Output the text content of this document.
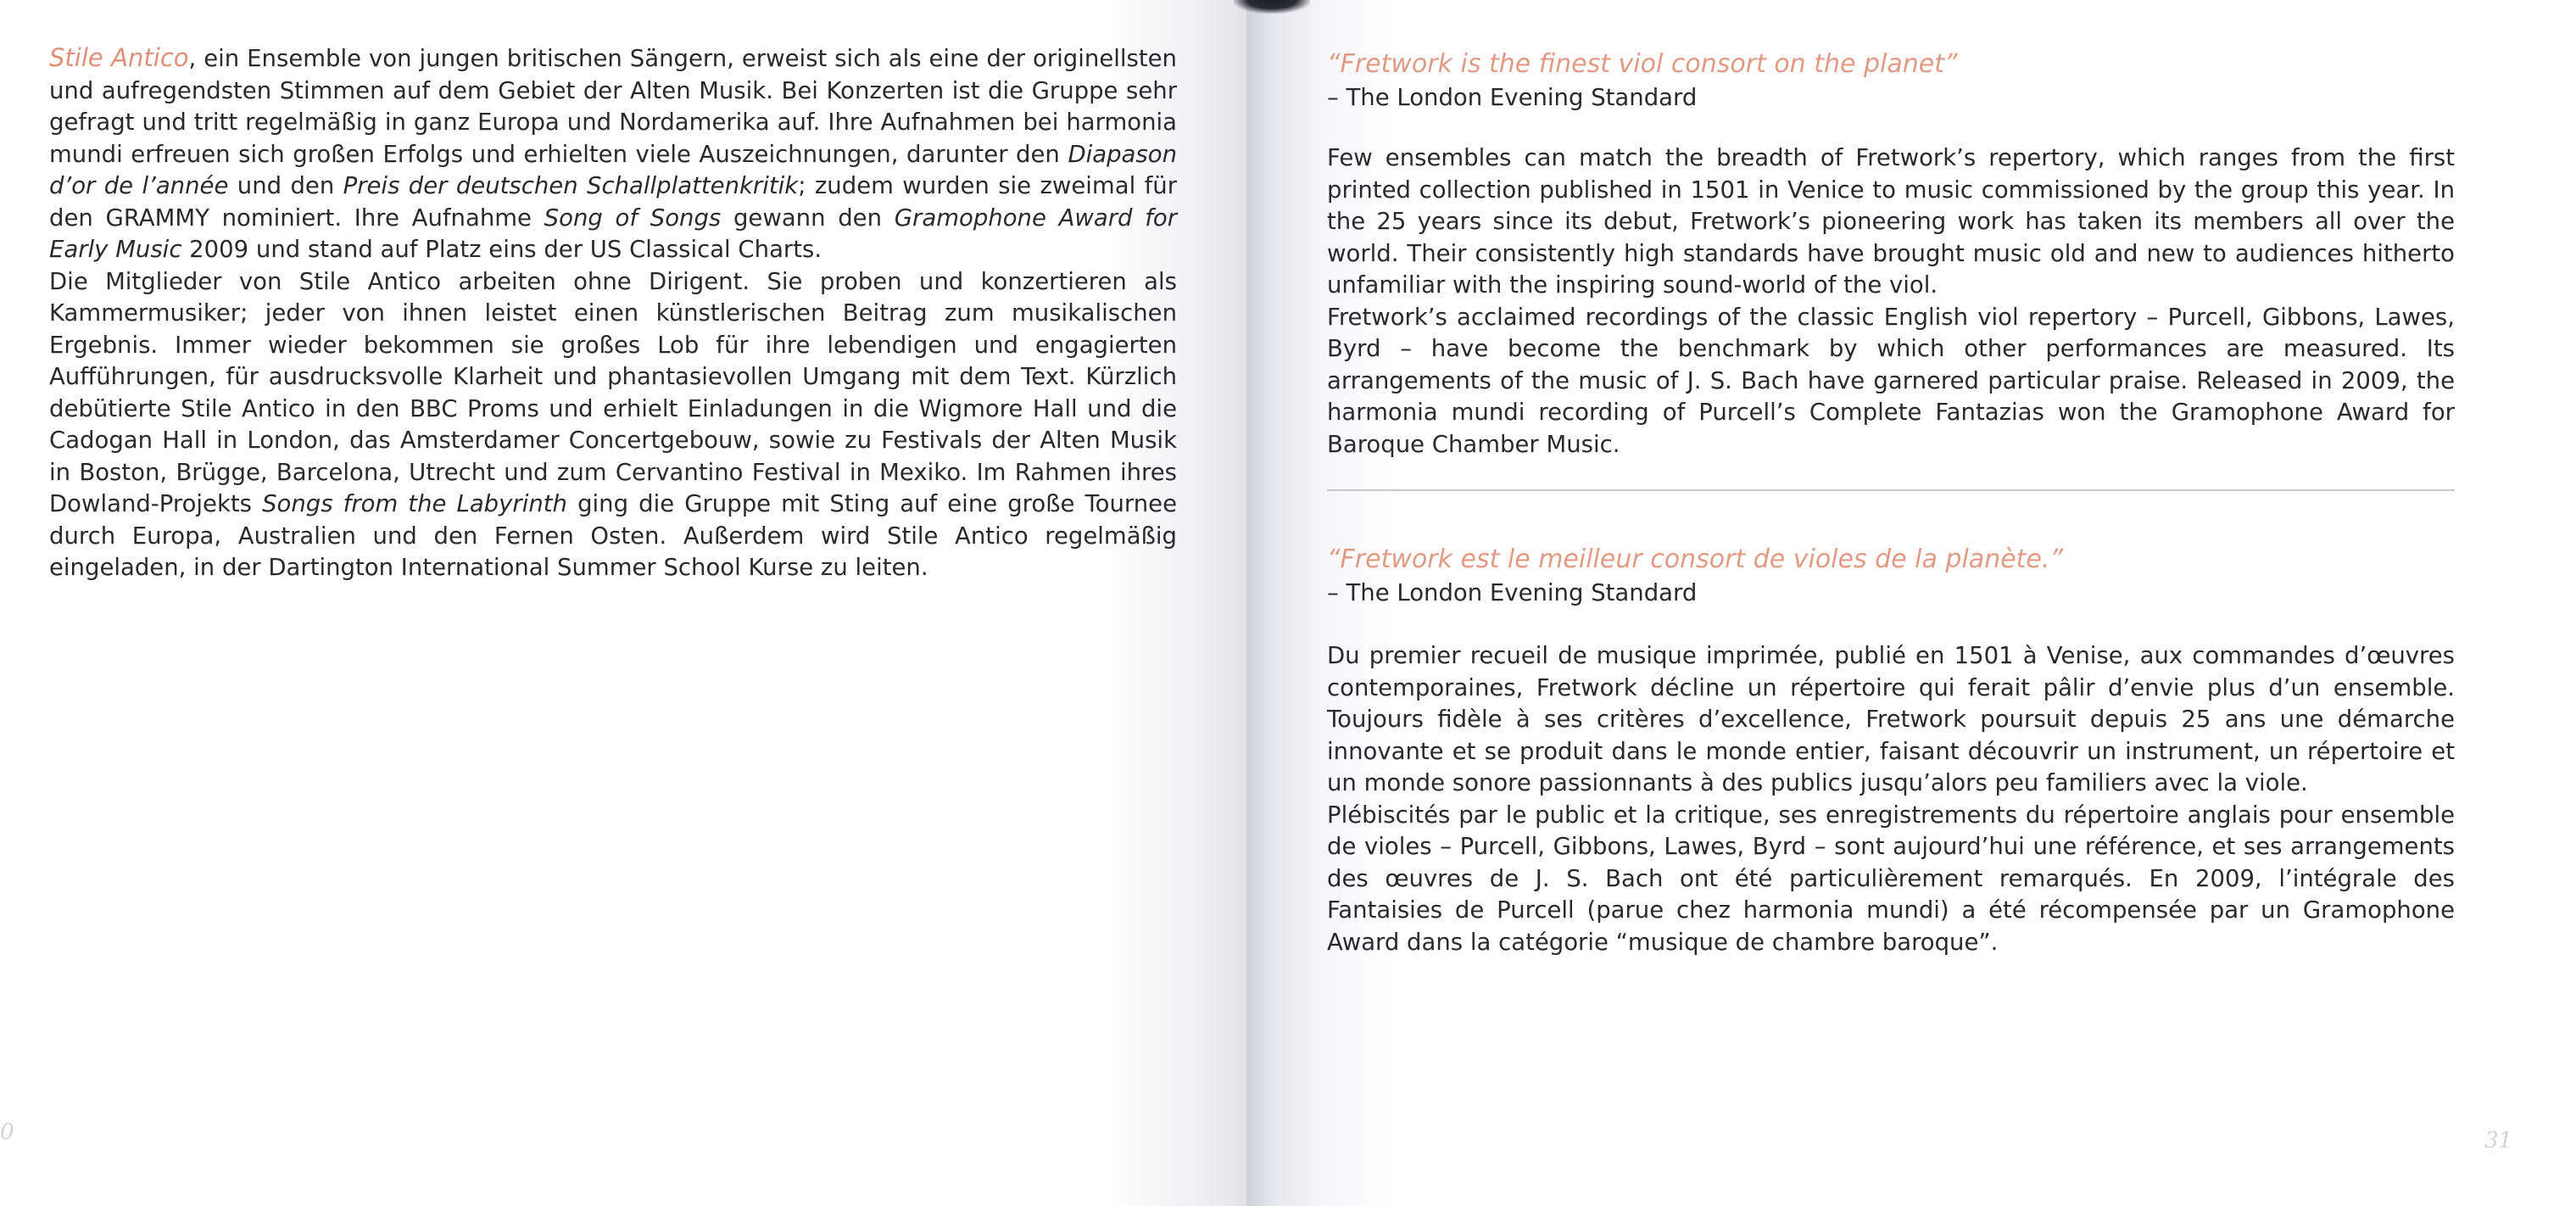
Stile Antico, ein Ensemble von jungen britischen Sängern, erweist sich als eine der originellsten und aufregendsten Stimmen auf dem Gebiet der Alten Musik. Bei Konzerten ist die Gruppe sehr gefragt und tritt regelmäßig in ganz Europa und Nordamerika auf. Ihre Aufnahmen bei harmonia mundi erfreuen sich großen Erfolgs und erhielten viele Auszeichnungen, darunter den Diapason d’or de l’année und den Preis der deutschen Schallplattenkritik; zudem wurden sie zweimal für den GRAMMY nominiert. Ihre Aufnahme Song of Songs gewann den Gramophone Award for Early Music 2009 und stand auf Platz eins der US Classical Charts.

Die Mitglieder von Stile Antico arbeiten ohne Dirigent. Sie proben und konzertieren als Kammermusiker; jeder von ihnen leistet einen künstlerischen Beitrag zum musikalischen Ergebnis. Immer wieder bekommen sie großes Lob für ihre lebendigen und engagierten Aufführungen, für ausdrucksvolle Klarheit und phantasievollen Umgang mit dem Text. Kürzlich debütierte Stile Antico in den BBC Proms und erhielt Einladungen in die Wigmore Hall und die Cadogan Hall in London, das Amsterdamer Concertgebouw, sowie zu Festivals der Alten Musik in Boston, Brügge, Barcelona, Utrecht und zum Cervantino Festival in Mexiko. Im Rahmen ihres Dowland-Projekts Songs from the Labyrinth ging die Gruppe mit Sting auf eine große Tournee durch Europa, Australien und den Fernen Osten. Außerdem wird Stile Antico regelmäßig eingeladen, in der Dartington International Summer School Kurse zu leiten.

0

“Fretwork is the finest viol consort on the planet”

– The London Evening Standard

Few ensembles can match the breadth of Fretwork’s repertory, which ranges from the first printed collection published in 1501 in Venice to music commissioned by the group this year. In the 25 years since its debut, Fretwork’s pioneering work has taken its members all over the world. Their consistently high standards have brought music old and new to audiences hitherto unfamiliar with the inspiring sound-world of the viol.

Fretwork’s acclaimed recordings of the classic English viol repertory – Purcell, Gibbons, Lawes, Byrd – have become the benchmark by which other performances are measured. Its arrangements of the music of J. S. Bach have garnered particular praise. Released in 2009, the harmonia mundi recording of Purcell’s Complete Fantazias won the Gramophone Award for Baroque Chamber Music.

“Fretwork est le meilleur consort de violes de la planète.”

– The London Evening Standard

Du premier recueil de musique imprimée, publié en 1501 à Venise, aux commandes d’œuvres contemporaines, Fretwork décline un répertoire qui ferait pâlir d’envie plus d’un ensemble. Toujours fidèle à ses critères d’excellence, Fretwork poursuit depuis 25 ans une démarche innovante et se produit dans le monde entier, faisant découvrir un instrument, un répertoire et un monde sonore passionnants à des publics jusqu’alors peu familiers avec la viole.

Plébiscités par le public et la critique, ses enregistrements du répertoire anglais pour ensemble de violes – Purcell, Gibbons, Lawes, Byrd – sont aujourd’hui une référence, et ses arrangements des œuvres de J. S. Bach ont été particulièrement remarqués. En 2009, l’intégrale des Fantaisies de Purcell (parue chez harmonia mundi) a été récompensée par un Gramophone Award dans la catégorie “musique de chambre baroque”.

31
